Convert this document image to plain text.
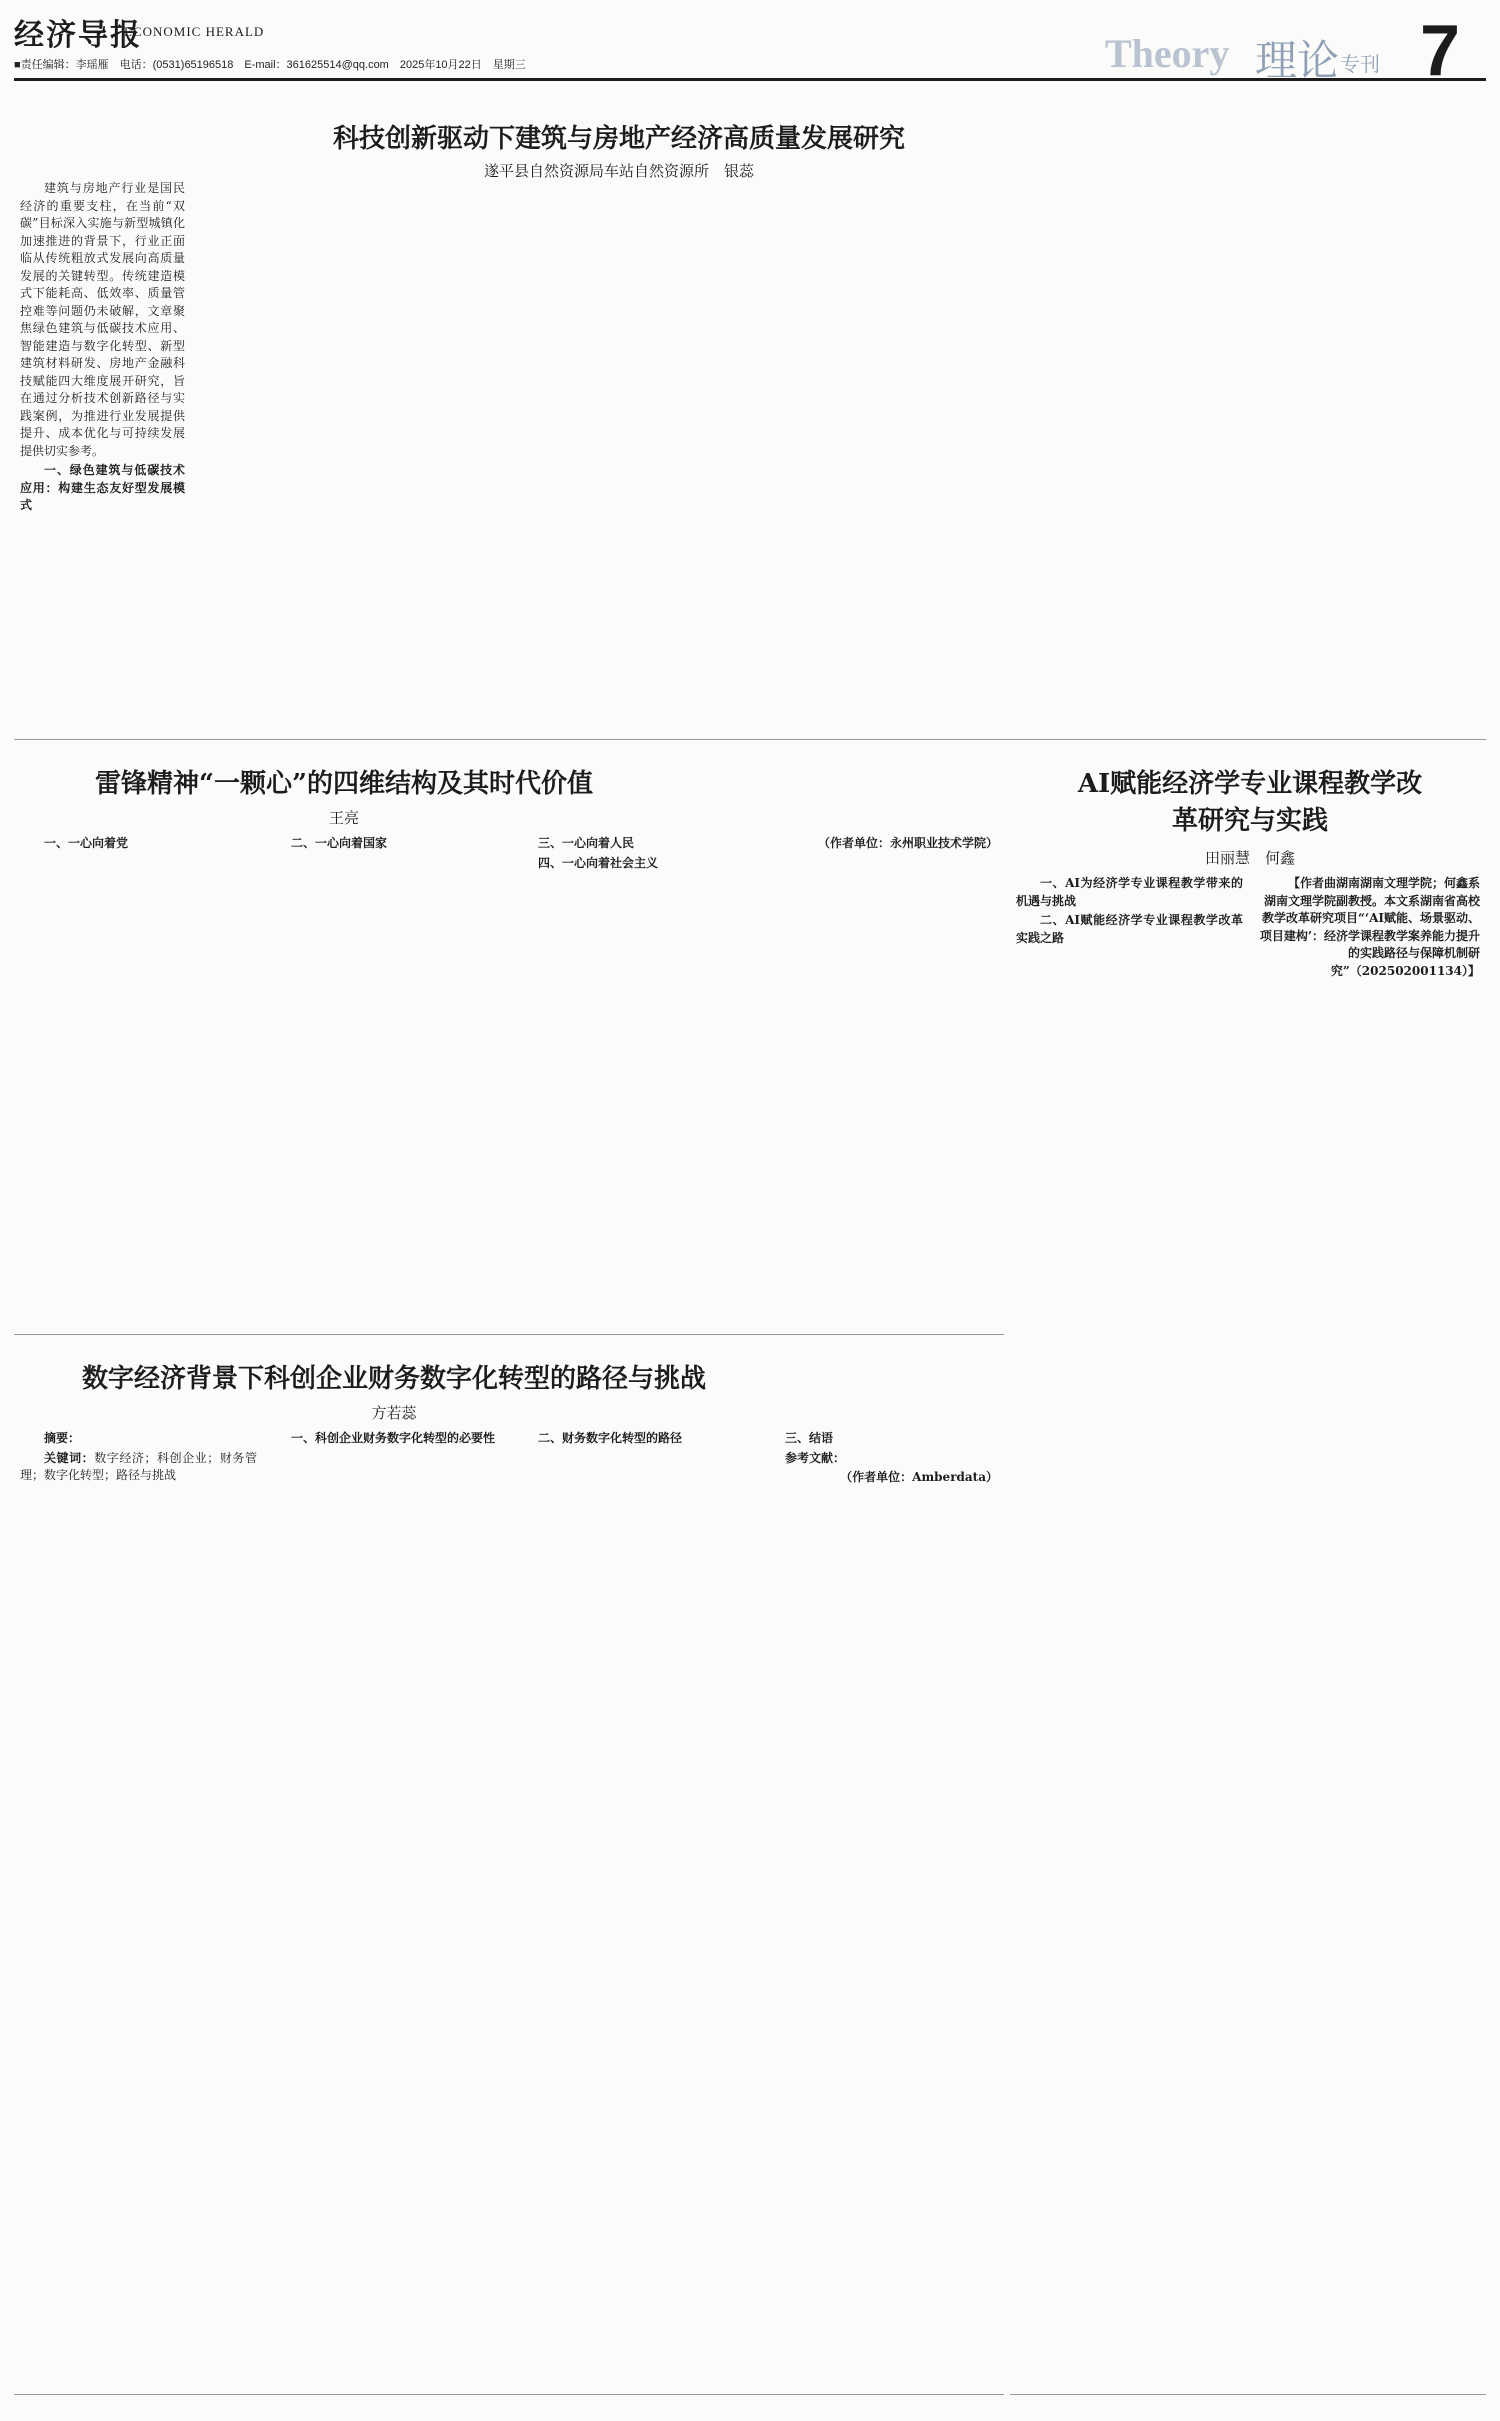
经济导报
ECONOMIC HERALD
■责任编辑：李瑶雁　电话：(0531)65196518　E-mail：361625514@qq.com　2025年10月22日　星期三	Theory 理论 专刊 7
科技创新驱动下建筑与房地产经济高质量发展研究
遂平县自然资源局车站自然资源所　银蕊

建筑与房地产行业是国民经济的重要支柱，在当前“双碳”目标深入实施与新型城镇化加速推进的背景下，行业正面临从传统粗放式发展向高质量发展的关键转型。传统建造模式下能耗高、低效率、质量管控难等问题仍未破解，文章聚焦绿色建筑与低碳技术应用、智能建造与数字化转型、新型建筑材料研发、房地产金融科技赋能四大维度展开研究，旨在通过分析技术创新路径与实践案例，为推进行业发展提供提升、成本优化与可持续发展提供切实参考。

一、绿色建筑与低碳技术应用：构建生态友好型发展模式

雷锋精神“一颗心”的四维结构及其时代价值
王亮

一、一心向着党	二、一心向着国家	三、一心向着人民

四、一心向着社会主义

（作者单位：永州职业技术学院）

AI赋能经济学专业课程教学改革研究与实践
田丽慧　何鑫

一、AI为经济学专业课程教学带来的机遇与挑战

二、AI赋能经济学专业课程教学改革实践之路

【作者曲湖南湖南文理学院；何鑫系湖南文理学院副教授。本文系湖南省高校教学改革研究项目“‘AI赋能、场景驱动、项目建构’：经济学课程教学案养能力提升的实践路径与保障机制研究”（202502001134）】

数字经济背景下科创企业财务数字化转型的路径与挑战
方若蕊

摘要：

关键词：数字经济；科创企业；财务管理；数字化转型；路径与挑战

一、科创企业财务数字化转型的必要性	二、财务数字化转型的路径	三、结语

参考文献：

（作者单位：Amberdata）
